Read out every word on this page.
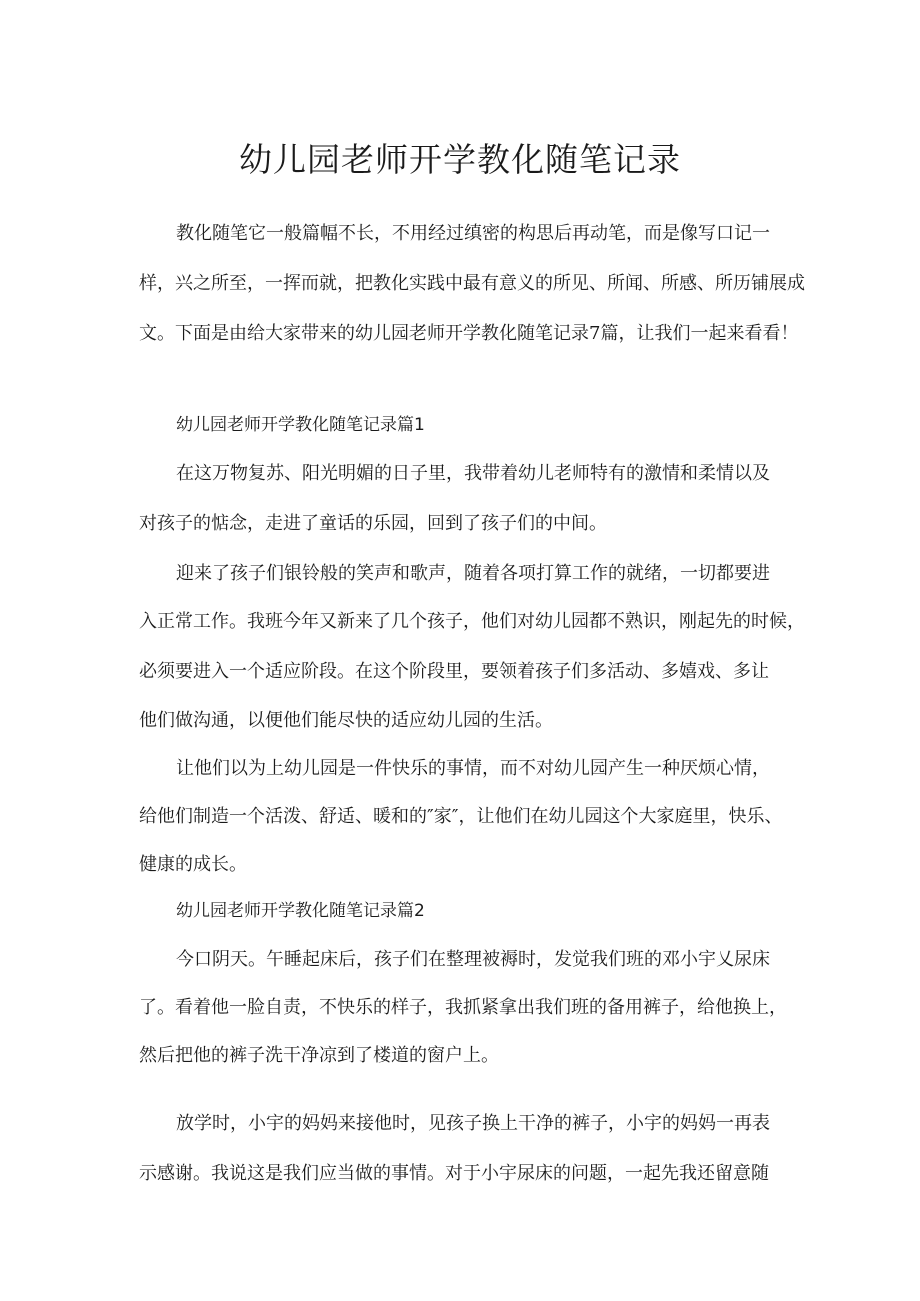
幼儿园老师开学教化随笔记录

教化随笔它一般篇幅不长，不用经过缜密的构思后再动笔，而是像写口记一

样，兴之所至，一挥而就，把教化实践中最有意义的所见、所闻、所感、所历铺展成

文。下面是由给大家带来的幼儿园老师开学教化随笔记录7篇，让我们一起来看看！

幼儿园老师开学教化随笔记录篇1

在这万物复苏、阳光明媚的日子里，我带着幼儿老师特有的激情和柔情以及

对孩子的惦念，走进了童话的乐园，回到了孩子们的中间。

迎来了孩子们银铃般的笑声和歌声，随着各项打算工作的就绪，一切都要进

入正常工作。我班今年又新来了几个孩子，他们对幼儿园都不熟识，刚起先的时候，

必须要进入一个适应阶段。在这个阶段里，要领着孩子们多活动、多嬉戏、多让

他们做沟通，以便他们能尽快的适应幼儿园的生活。

让他们以为上幼儿园是一件快乐的事情，而不对幼儿园产生一种厌烦心情，

给他们制造一个活泼、舒适、暖和的″家″，让他们在幼儿园这个大家庭里，快乐、

健康的成长。

幼儿园老师开学教化随笔记录篇2

今口阴天。午睡起床后，孩子们在整理被褥时，发觉我们班的邓小宇乂尿床

了。看着他一脸自责，不快乐的样子，我抓紧拿出我们班的备用裤子，给他换上，

然后把他的裤子洗干净凉到了楼道的窗户上。

放学时，小宇的妈妈来接他时，见孩子换上干净的裤子，小宇的妈妈一再表

示感谢。我说这是我们应当做的事情。对于小宇尿床的问题，一起先我还留意随
